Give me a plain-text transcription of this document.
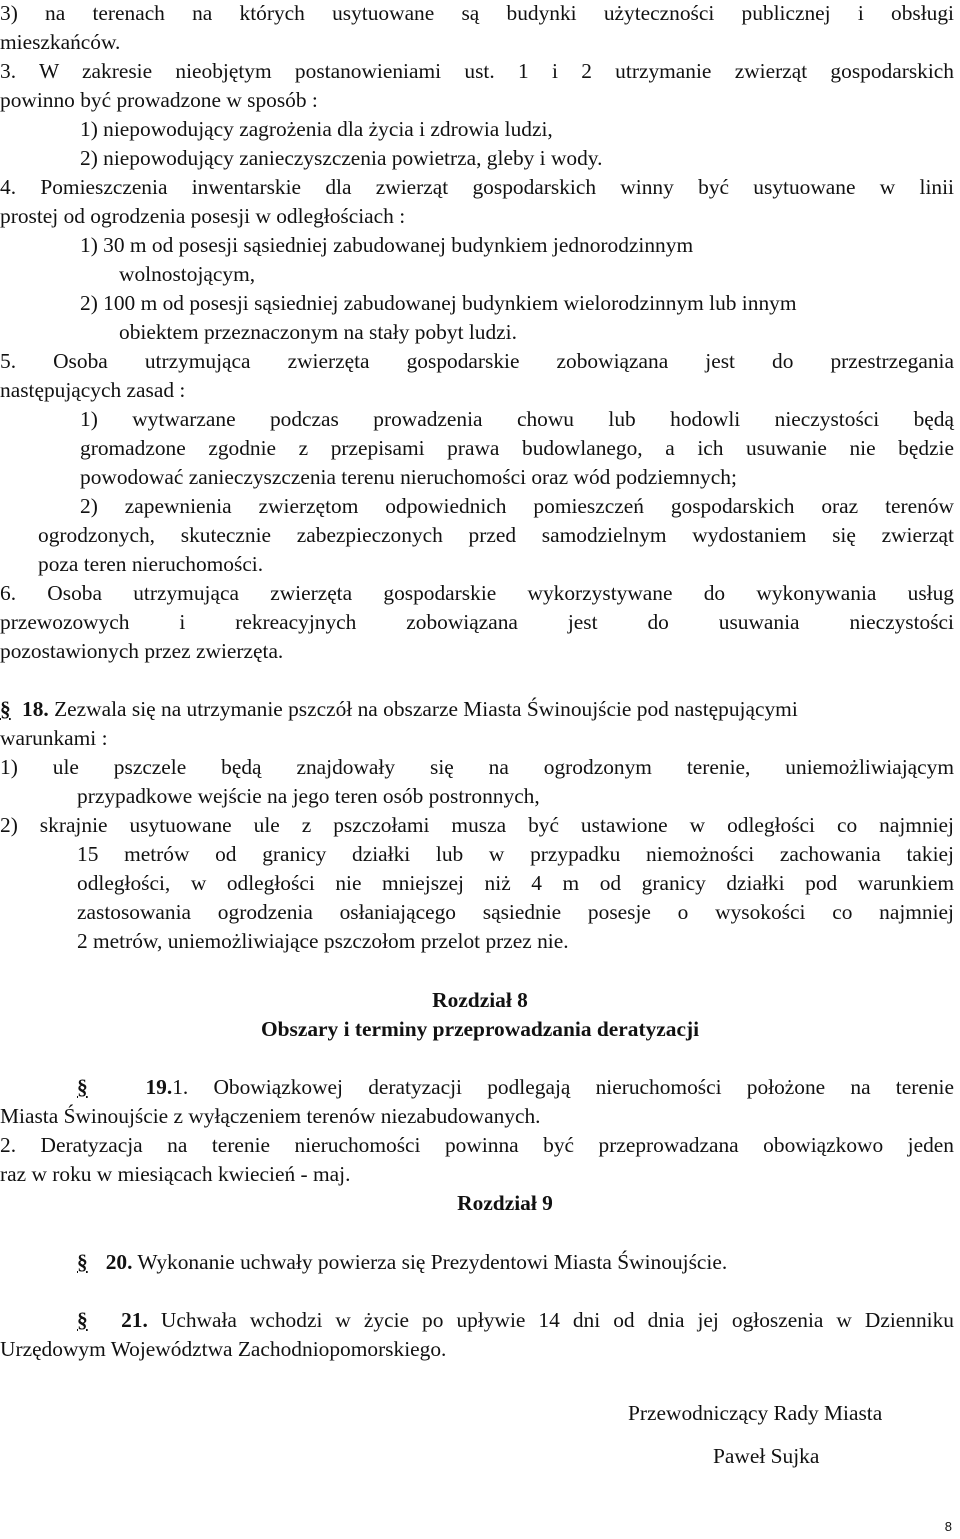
3) na terenach na których usytuowane są budynki użyteczności publicznej i obsługi
mieszkańców.
3. W zakresie nieobjętym postanowieniami ust. 1 i 2 utrzymanie zwierząt gospodarskich
powinno być prowadzone w sposób :
1) niepowodujący zagrożenia dla życia i zdrowia ludzi,
2) niepowodujący zanieczyszczenia powietrza, gleby i wody.
4. Pomieszczenia inwentarskie dla zwierząt gospodarskich winny być usytuowane w linii
prostej od ogrodzenia posesji w odległościach :
1) 30 m od posesji sąsiedniej zabudowanej budynkiem jednorodzinnym
wolnostojącym,
2) 100 m od posesji sąsiedniej zabudowanej budynkiem wielorodzinnym lub innym
obiektem przeznaczonym na stały pobyt ludzi.
5. Osoba utrzymująca zwierzęta gospodarskie zobowiązana jest do przestrzegania
następujących zasad :
1) wytwarzane podczas prowadzenia chowu lub hodowli nieczystości będą
gromadzone zgodnie z przepisami prawa budowlanego, a ich usuwanie nie będzie
powodować zanieczyszczenia terenu nieruchomości oraz wód podziemnych;
2) zapewnienia zwierzętom odpowiednich pomieszczeń gospodarskich oraz terenów
ogrodzonych, skutecznie zabezpieczonych przed samodzielnym wydostaniem się zwierząt
poza teren nieruchomości.
6. Osoba utrzymująca zwierzęta gospodarskie wykorzystywane do wykonywania usług
przewozowych i rekreacyjnych zobowiązana jest do usuwania nieczystości
pozostawionych przez zwierzęta.
§ 18. Zezwala się na utrzymanie pszczół na obszarze Miasta Świnoujście pod następującymi
warunkami :
1) ule pszczele będą znajdowały się na ogrodzonym terenie, uniemożliwiającym
przypadkowe wejście na jego teren osób postronnych,
2) skrajnie usytuowane ule z pszczołami musza być ustawione w odległości co najmniej
15 metrów od granicy działki lub w przypadku niemożności zachowania takiej
odległości, w odległości nie mniejszej niż 4 m od granicy działki pod warunkiem
zastosowania ogrodzenia osłaniającego sąsiednie posesje o wysokości co najmniej
2 metrów, uniemożliwiające pszczołom przelot przez nie.
Rozdział 8
Obszary i terminy przeprowadzania deratyzacji
§	19.1. Obowiązkowej deratyzacji podlegają nieruchomości położone na terenie
Miasta Świnoujście z wyłączeniem terenów niezabudowanych.
2. Deratyzacja na terenie nieruchomości powinna być przeprowadzana obowiązkowo jeden
raz w roku w miesiącach kwiecień - maj.
Rozdział 9
§ 20. Wykonanie uchwały powierza się Prezydentowi Miasta Świnoujście.
§ 21. Uchwała wchodzi w życie po upływie 14 dni od dnia jej ogłoszenia w Dzienniku
Urzędowym Województwa Zachodniopomorskiego.
Przewodniczący Rady Miasta
Paweł Sujka
8
